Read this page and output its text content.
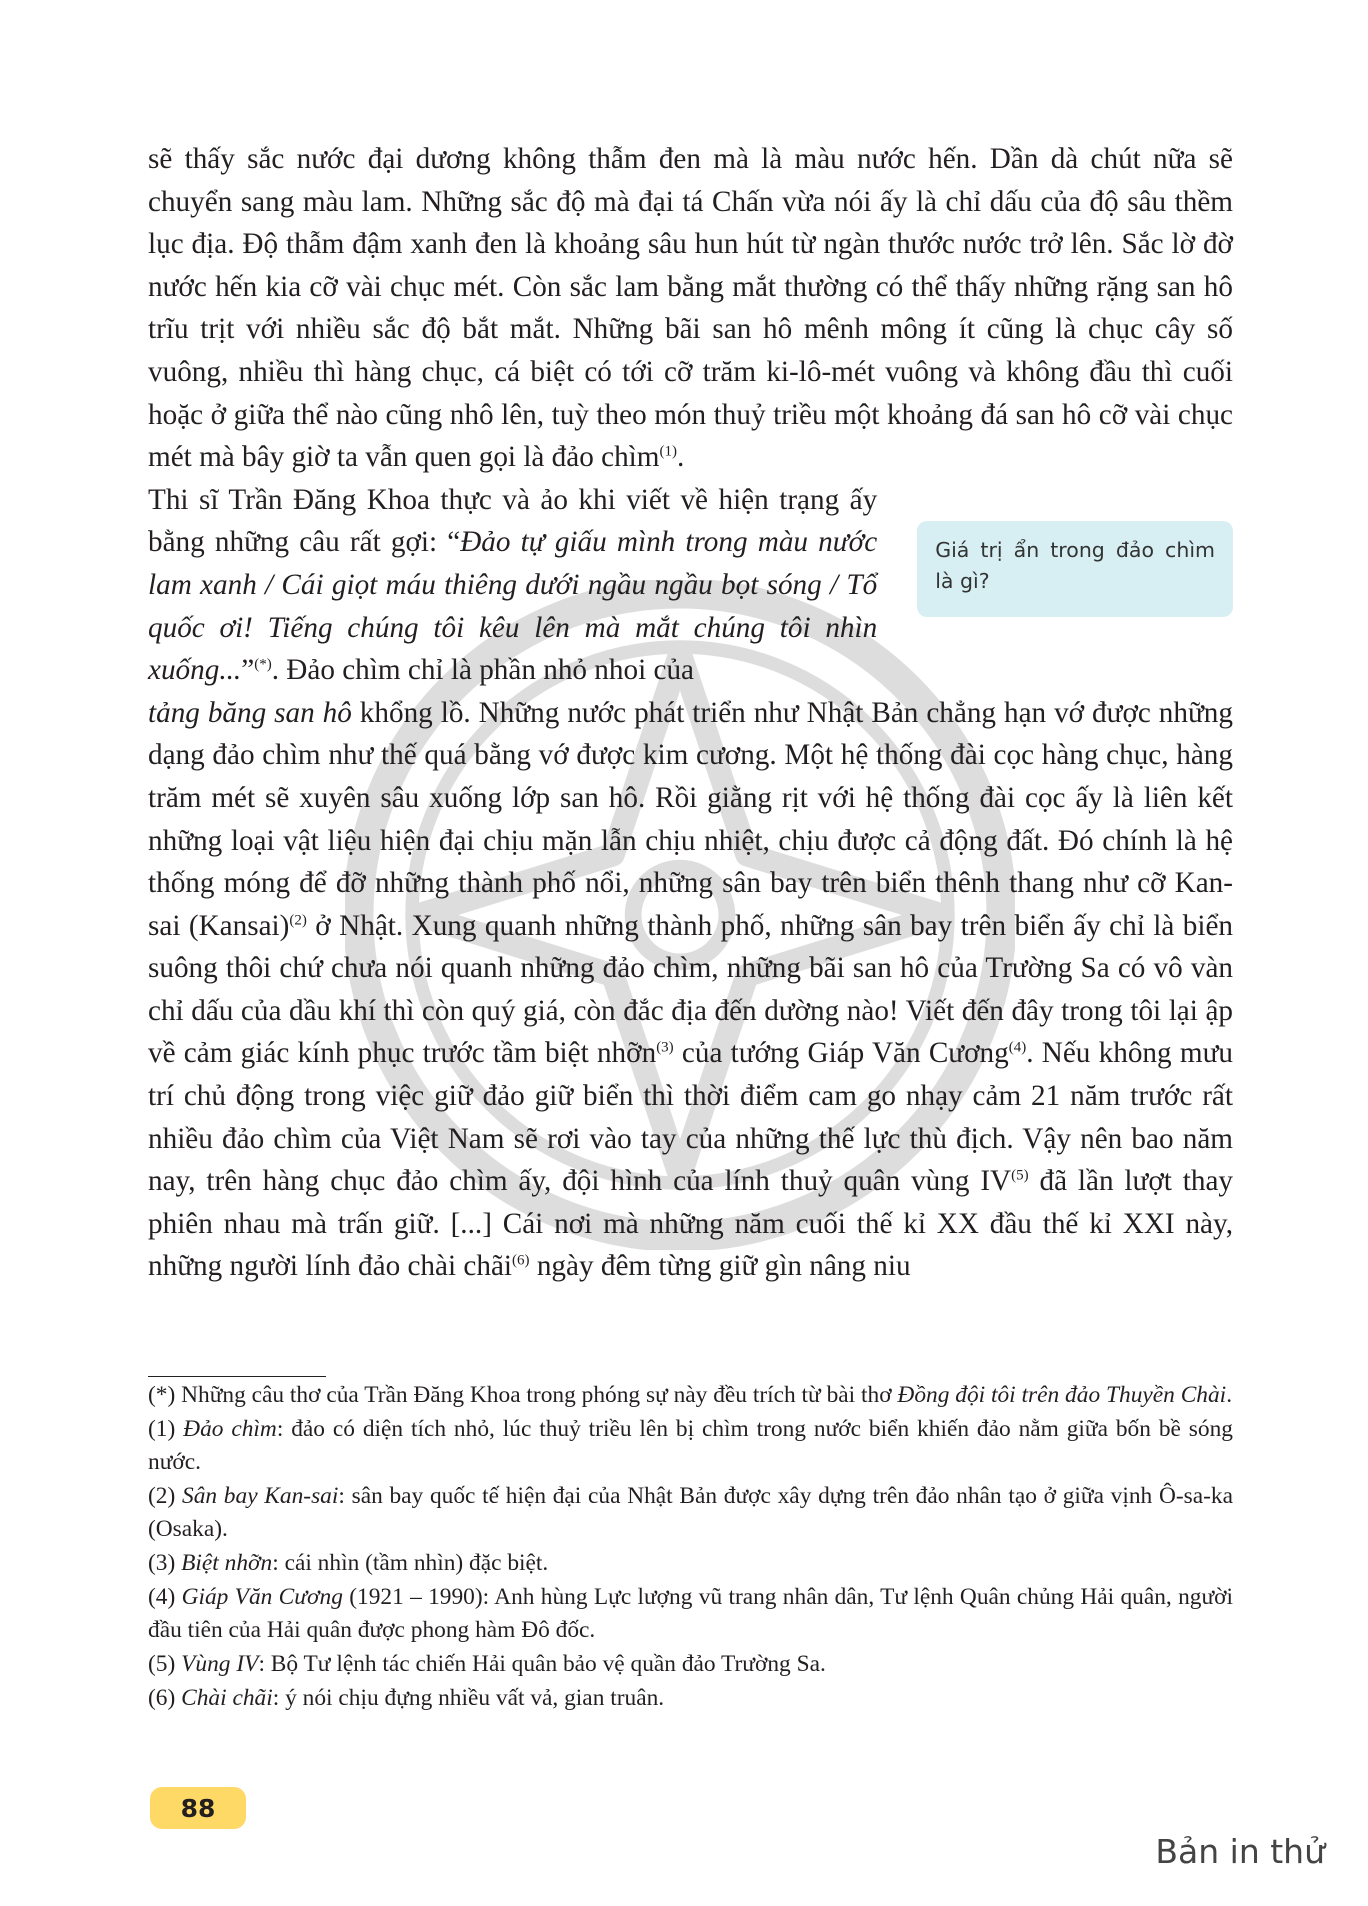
sẽ thấy sắc nước đại dương không thẫm đen mà là màu nước hến. Dần dà chút nữa sẽ chuyển sang màu lam. Những sắc độ mà đại tá Chấn vừa nói ấy là chỉ dấu của độ sâu thềm lục địa. Độ thẫm đậm xanh đen là khoảng sâu hun hút từ ngàn thước nước trở lên. Sắc lờ đờ nước hến kia cỡ vài chục mét. Còn sắc lam bằng mắt thường có thể thấy những rặng san hô trĩu trịt với nhiều sắc độ bắt mắt. Những bãi san hô mênh mông ít cũng là chục cây số vuông, nhiều thì hàng chục, cá biệt có tới cỡ trăm ki-lô-mét vuông và không đầu thì cuối hoặc ở giữa thể nào cũng nhô lên, tuỳ theo món thuỷ triều một khoảng đá san hô cỡ vài chục mét mà bây giờ ta vẫn quen gọi là đảo chìm$^{(1)}$.

Thi sĩ Trần Đăng Khoa thực và ảo khi viết về hiện trạng ấy bằng những câu rất gợi: “Đảo tự giấu mình trong màu nước lam xanh / Cái giọt máu thiêng dưới ngầu ngầu bọt sóng / Tổ quốc ơi! Tiếng chúng tôi kêu lên mà mắt chúng tôi nhìn xuống...”(*). Đảo chìm chỉ là phần nhỏ nhoi của
Giá trị ẩn trong đảo chìm là gì?

tảng băng san hô khổng lồ. Những nước phát triển như Nhật Bản chẳng hạn vớ được những dạng đảo chìm như thế quá bằng vớ được kim cương. Một hệ thống đài cọc hàng chục, hàng trăm mét sẽ xuyên sâu xuống lớp san hô. Rồi giằng rịt với hệ thống đài cọc ấy là liên kết những loại vật liệu hiện đại chịu mặn lẫn chịu nhiệt, chịu được cả động đất. Đó chính là hệ thống móng để đỡ những thành phố nổi, những sân bay trên biển thênh thang như cỡ Kan-sai (Kansai)$^{(2)}$ ở Nhật. Xung quanh những thành phố, những sân bay trên biển ấy chỉ là biển suông thôi chứ chưa nói quanh những đảo chìm, những bãi san hô của Trường Sa có vô vàn chỉ dấu của dầu khí thì còn quý giá, còn đắc địa đến dường nào! Viết đến đây trong tôi lại ập về cảm giác kính phục trước tầm biệt nhỡn$^{(3)}$ của tướng Giáp Văn Cương$^{(4)}$. Nếu không mưu trí chủ động trong việc giữ đảo giữ biển thì thời điểm cam go nhạy cảm 21 năm trước rất nhiều đảo chìm của Việt Nam sẽ rơi vào tay của những thế lực thù địch. Vậy nên bao năm nay, trên hàng chục đảo chìm ấy, đội hình của lính thuỷ quân vùng IV$^{(5)}$ đã lần lượt thay phiên nhau mà trấn giữ. [...] Cái nơi mà những năm cuối thế kỉ XX đầu thế kỉ XXI này, những người lính đảo chài chãi$^{(6)}$ ngày đêm từng giữ gìn nâng niu

(*) Những câu thơ của Trần Đăng Khoa trong phóng sự này đều trích từ bài thơ Đồng đội tôi trên đảo Thuyền Chài.

(1) Đảo chìm: đảo có diện tích nhỏ, lúc thuỷ triều lên bị chìm trong nước biển khiến đảo nằm giữa bốn bề sóng nước.

(2) Sân bay Kan-sai: sân bay quốc tế hiện đại của Nhật Bản được xây dựng trên đảo nhân tạo ở giữa vịnh Ô-sa-ka (Osaka).

(3) Biệt nhỡn: cái nhìn (tầm nhìn) đặc biệt.

(4) Giáp Văn Cương (1921 – 1990): Anh hùng Lực lượng vũ trang nhân dân, Tư lệnh Quân chủng Hải quân, người đầu tiên của Hải quân được phong hàm Đô đốc.

(5) Vùng IV: Bộ Tư lệnh tác chiến Hải quân bảo vệ quần đảo Trường Sa.

(6) Chài chãi: ý nói chịu đựng nhiều vất vả, gian truân.

88
Bản in thử
